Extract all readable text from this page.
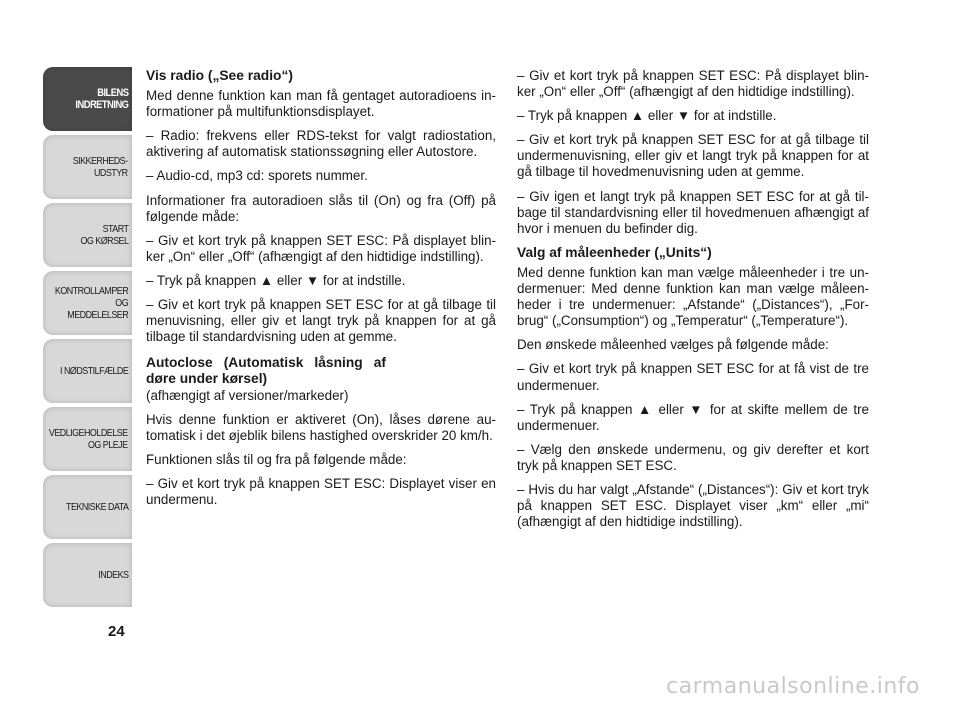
BILENS
INDRETNING
SIKKERHEDS-
UDSTYR
START
OG KØRSEL
KONTROLLAMPER
OG MEDDELELSER
I NØDSTILFÆLDE
VEDLIGEHOLDELSE
OG PLEJE
TEKNISKE DATA
INDEKS
24

Vis radio („See radio“)

Med denne funktion kan man få gentaget autoradioens in-formationer på multifunktionsdisplayet.

– Radio: frekvens eller RDS-tekst for valgt radiostation, aktivering af automatisk stationssøgning eller Autostore.

– Audio-cd, mp3 cd: sporets nummer.

Informationer fra autoradioen slås til (On) og fra (Off) på følgende måde:

– Giv et kort tryk på knappen SET ESC: På displayet blin-ker „On“ eller „Off“ (afhængigt af den hidtidige indstilling).

– Tryk på knappen ▲ eller ▼ for at indstille.

– Giv et kort tryk på knappen SET ESC for at gå tilbage til menuvisning, eller giv et langt tryk på knappen for at gå tilbage til standardvisning uden at gemme.

Autoclose (Automatisk låsning af døre under kørsel)

(afhængigt af versioner/markeder)

Hvis denne funktion er aktiveret (On), låses dørene au-tomatisk i det øjeblik bilens hastighed overskrider 20 km/h.

Funktionen slås til og fra på følgende måde:

– Giv et kort tryk på knappen SET ESC: Displayet viser en undermenu.

– Giv et kort tryk på knappen SET ESC: På displayet blin-ker „On“ eller „Off“ (afhængigt af den hidtidige indstilling).

– Tryk på knappen ▲ eller ▼ for at indstille.

– Giv et kort tryk på knappen SET ESC for at gå tilbage til undermenuvisning, eller giv et langt tryk på knappen for at gå tilbage til hovedmenuvisning uden at gemme.

– Giv igen et langt tryk på knappen SET ESC for at gå til-bage til standardvisning eller til hovedmenuen afhængigt af hvor i menuen du befinder dig.

Valg af måleenheder („Units“)

Med denne funktion kan man vælge måleenheder i tre un-dermenuer: Med denne funktion kan man vælge måleen-heder i tre undermenuer: „Afstande“ („Distances“), „For-brug“ („Consumption“) og „Temperatur“ („Temperature“).

Den ønskede måleenhed vælges på følgende måde:

– Giv et kort tryk på knappen SET ESC for at få vist de tre undermenuer.

– Tryk på knappen ▲ eller ▼ for at skifte mellem de tre undermenuer.

– Vælg den ønskede undermenu, og giv derefter et kort tryk på knappen SET ESC.

– Hvis du har valgt „Afstande“ („Distances“): Giv et kort tryk på knappen SET ESC. Displayet viser „km“ eller „mi“ (afhængigt af den hidtidige indstilling).

carmanualsonline.info
